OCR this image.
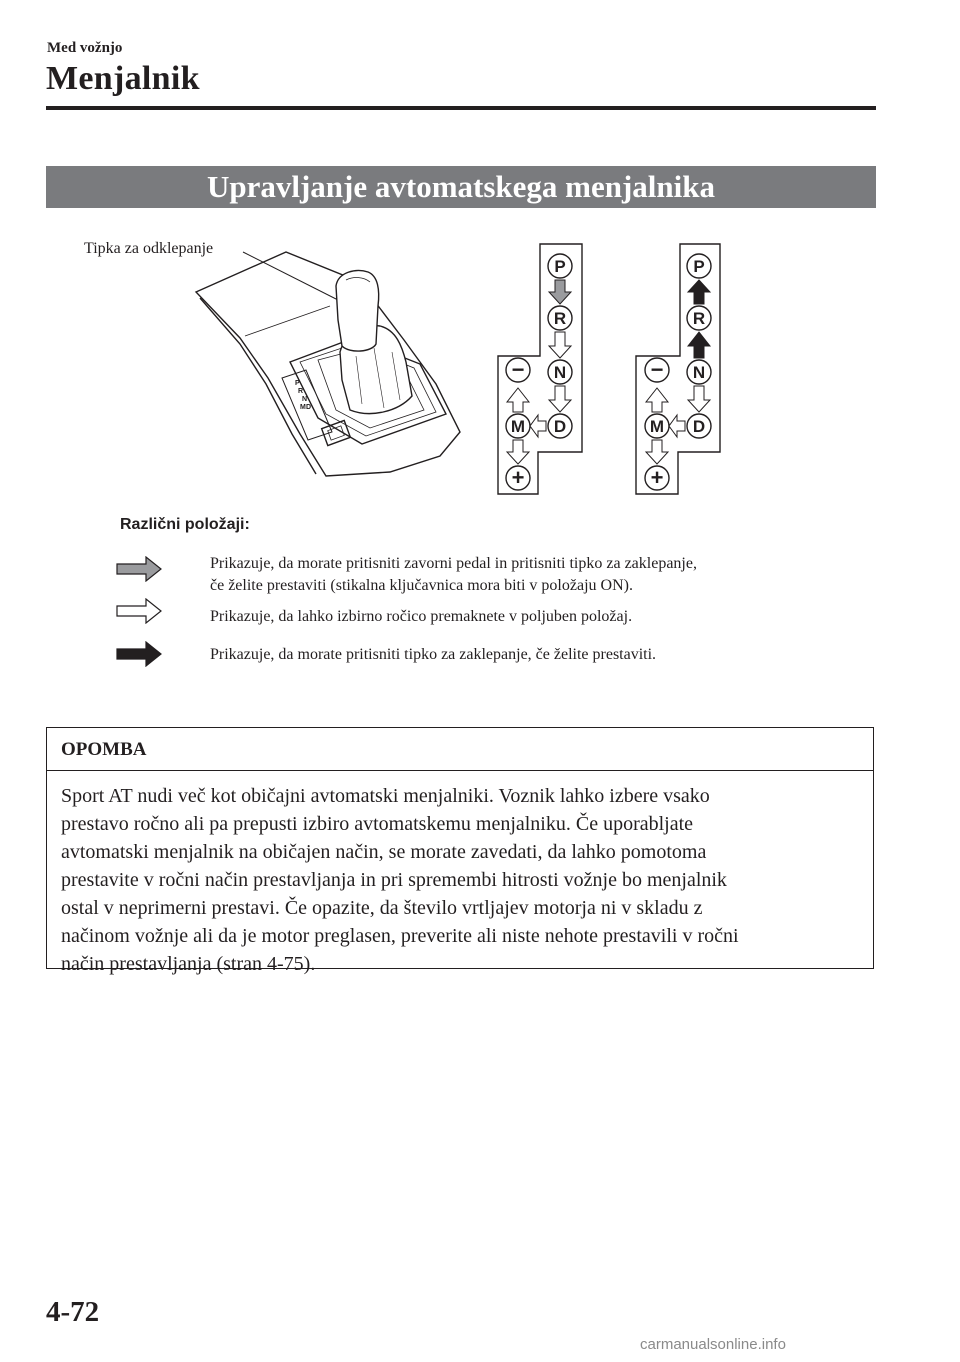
Med vožnjo
Menjalnik
Upravljanje avtomatskega menjalnika
Tipka za odklepanje
P
R
N
D
M
P
R
N
D
M
−
+
P
R
N
D
M
−
+
Različni položaji:
Prikazuje, da morate pritisniti zavorni pedal in pritisniti tipko za zaklepanje,
če želite prestaviti (stikalna ključavnica mora biti v položaju ON).
Prikazuje, da lahko izbirno ročico premaknete v poljuben položaj.
Prikazuje, da morate pritisniti tipko za zaklepanje, če želite prestaviti.
OPOMBA
Sport AT nudi več kot običajni avtomatski menjalniki. Voznik lahko izbere vsako
prestavo ročno ali pa prepusti izbiro avtomatskemu menjalniku. Če uporabljate
avtomatski menjalnik na običajen način, se morate zavedati, da lahko pomotoma
prestavite v ročni način prestavljanja in pri spremembi hitrosti vožnje bo menjalnik
ostal v neprimerni prestavi. Če opazite, da število vrtljajev motorja ni v skladu z
načinom vožnje ali da je motor preglasen, preverite ali niste nehote prestavili v ročni
način prestavljanja (stran 4-75).
4-72
carmanualsonline.info
